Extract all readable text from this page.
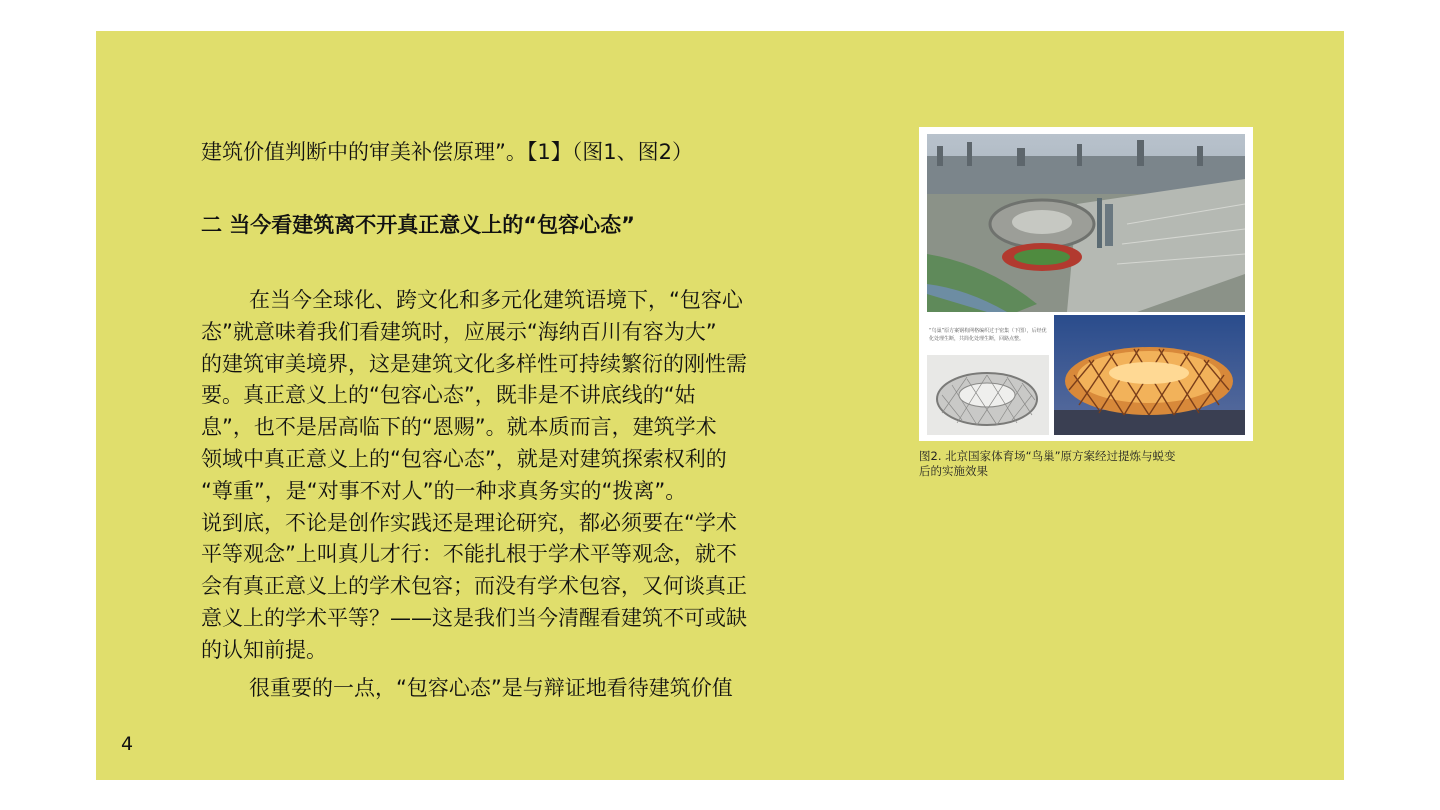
建筑价值判断中的审美补偿原理”。【1】（图1、图2）
二 当今看建筑离不开真正意义上的“包容心态”
在当今全球化、跨文化和多元化建筑语境下，“包容心
态”就意味着我们看建筑时，应展示“海纳百川有容为大”
的建筑审美境界，这是建筑文化多样性可持续繁衍的刚性需
要。真正意义上的“包容心态”，既非是不讲底线的“姑
息”，也不是居高临下的“恩赐”。就本质而言，建筑学术
领域中真正意义上的“包容心态”，就是对建筑探索权利的
“尊重”，是“对事不对人”的一种求真务实的“拨离”。
说到底，不论是创作实践还是理论研究，都必须要在“学术
平等观念”上叫真儿才行：不能扎根于学术平等观念，就不
会有真正意义上的学术包容；而没有学术包容，又何谈真正
意义上的学术平等？——这是我们当今清醒看建筑不可或缺
的认知前提。
很重要的一点，“包容心态”是与辩证地看待建筑价值
4
“鸟巢”原方案钢构网格编织过于密集（下图），后经优化处理生断，共简化处理生断，回路点整。
图2. 北京国家体育场“鸟巢”原方案经过提炼与蜕变
后的实施效果
